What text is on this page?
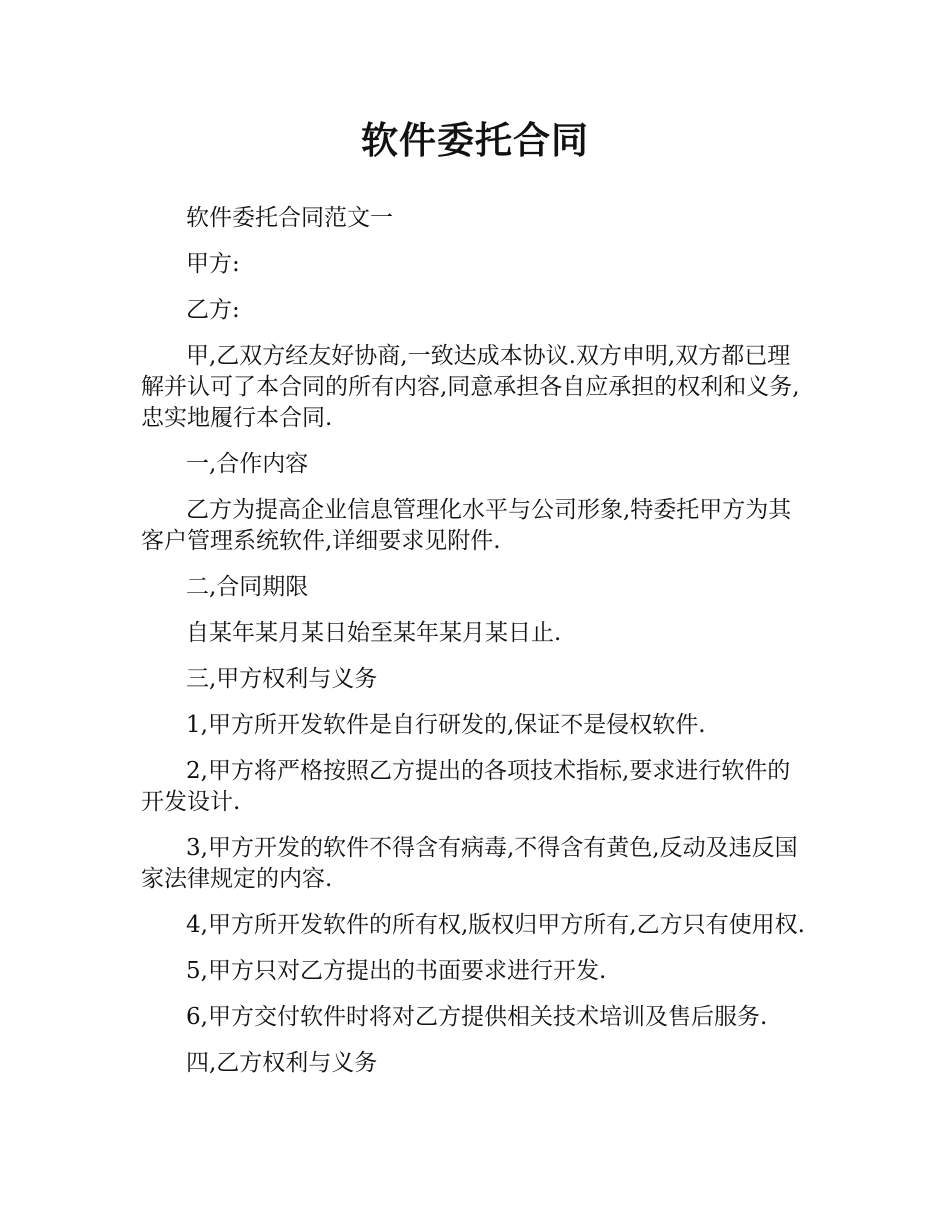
软件委托合同

软件委托合同范文一

甲方:

乙方:

甲,乙双方经友好协商,一致达成本协议.双方申明,双方都已理解并认可了本合同的所有内容,同意承担各自应承担的权利和义务,忠实地履行本合同.

一,合作内容

乙方为提高企业信息管理化水平与公司形象,特委托甲方为其客户管理系统软件,详细要求见附件.

二,合同期限

自某年某月某日始至某年某月某日止.

三,甲方权利与义务

1,甲方所开发软件是自行研发的,保证不是侵权软件.

2,甲方将严格按照乙方提出的各项技术指标,要求进行软件的开发设计.

3,甲方开发的软件不得含有病毒,不得含有黄色,反动及违反国家法律规定的内容.

4,甲方所开发软件的所有权,版权归甲方所有,乙方只有使用权.

5,甲方只对乙方提出的书面要求进行开发.

6,甲方交付软件时将对乙方提供相关技术培训及售后服务.

四,乙方权利与义务
